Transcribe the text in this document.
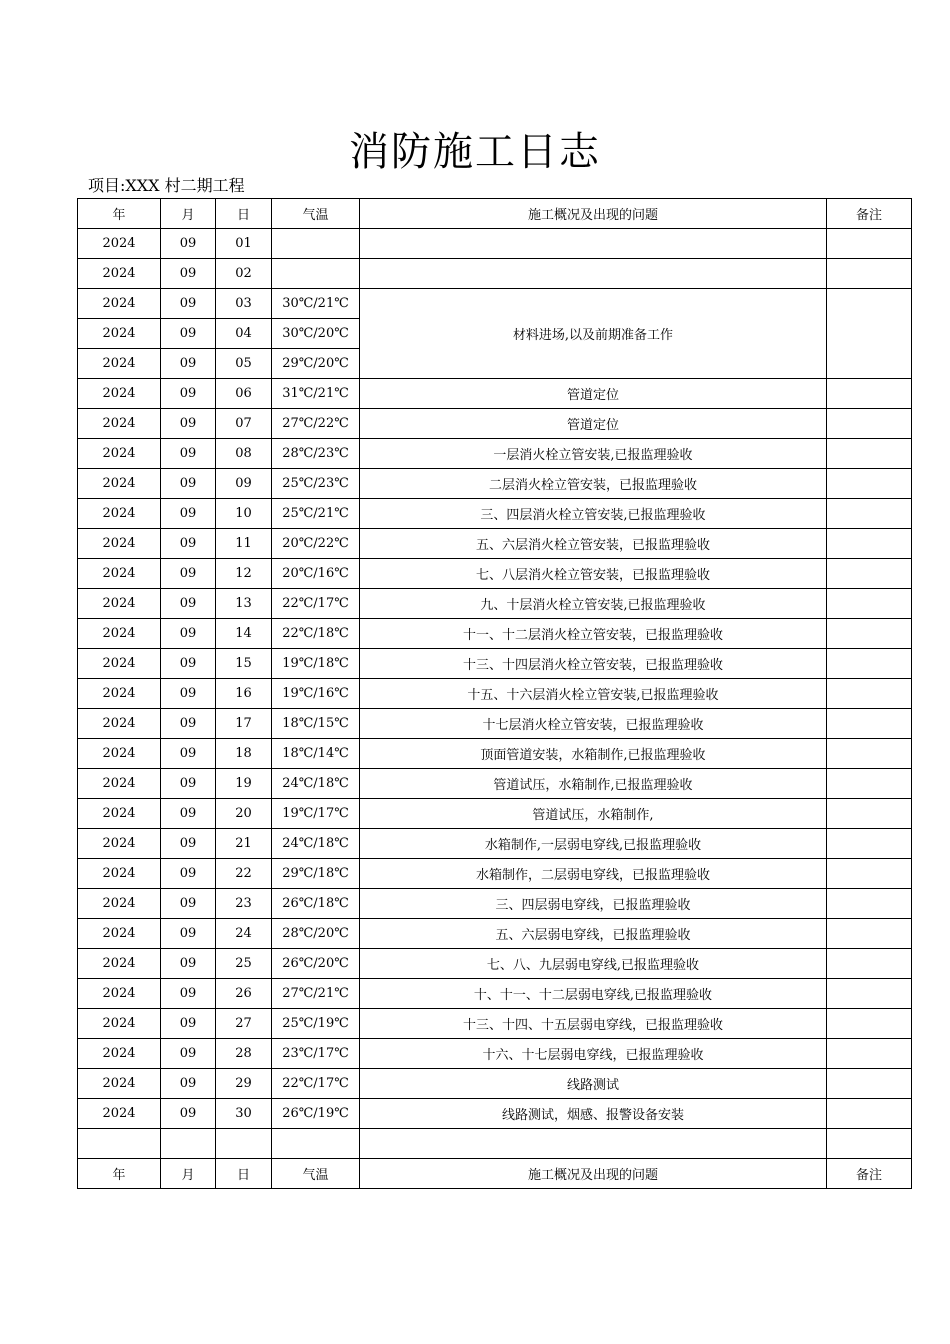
消防施工日志
项目:XXX 村二期工程
年	月	日	气温	施工概况及出现的问题	备注
2024	09	01			
2024	09	02			
2024	09	03	30℃/21℃	材料进场,以及前期准备工作	
2024	09	04	30℃/20℃		
2024	09	05	29℃/20℃		
2024	09	06	31℃/21℃	管道定位	
2024	09	07	27℃/22℃	管道定位	
2024	09	08	28℃/23℃	一层消火栓立管安装,已报监理验收	
2024	09	09	25℃/23℃	二层消火栓立管安装，已报监理验收	
2024	09	10	25℃/21℃	三、四层消火栓立管安装,已报监理验收	
2024	09	11	20℃/22℃	五、六层消火栓立管安装，已报监理验收	
2024	09	12	20℃/16℃	七、八层消火栓立管安装，已报监理验收	
2024	09	13	22℃/17℃	九、十层消火栓立管安装,已报监理验收	
2024	09	14	22℃/18℃	十一、十二层消火栓立管安装，已报监理验收	
2024	09	15	19℃/18℃	十三、十四层消火栓立管安装，已报监理验收	
2024	09	16	19℃/16℃	十五、十六层消火栓立管安装,已报监理验收	
2024	09	17	18℃/15℃	十七层消火栓立管安装，已报监理验收	
2024	09	18	18℃/14℃	顶面管道安装，水箱制作,已报监理验收	
2024	09	19	24℃/18℃	管道试压，水箱制作,已报监理验收	
2024	09	20	19℃/17℃	管道试压，水箱制作,	
2024	09	21	24℃/18℃	水箱制作,一层弱电穿线,已报监理验收	
2024	09	22	29℃/18℃	水箱制作，二层弱电穿线，已报监理验收	
2024	09	23	26℃/18℃	三、四层弱电穿线，已报监理验收	
2024	09	24	28℃/20℃	五、六层弱电穿线，已报监理验收	
2024	09	25	26℃/20℃	七、八、九层弱电穿线,已报监理验收	
2024	09	26	27℃/21℃	十、十一、十二层弱电穿线,已报监理验收	
2024	09	27	25℃/19℃	十三、十四、十五层弱电穿线，已报监理验收	
2024	09	28	23℃/17℃	十六、十七层弱电穿线，已报监理验收	
2024	09	29	22℃/17℃	线路测试	
2024	09	30	26℃/19℃	线路测试，烟感、报警设备安装	

年	月	日	气温	施工概况及出现的问题	备注
